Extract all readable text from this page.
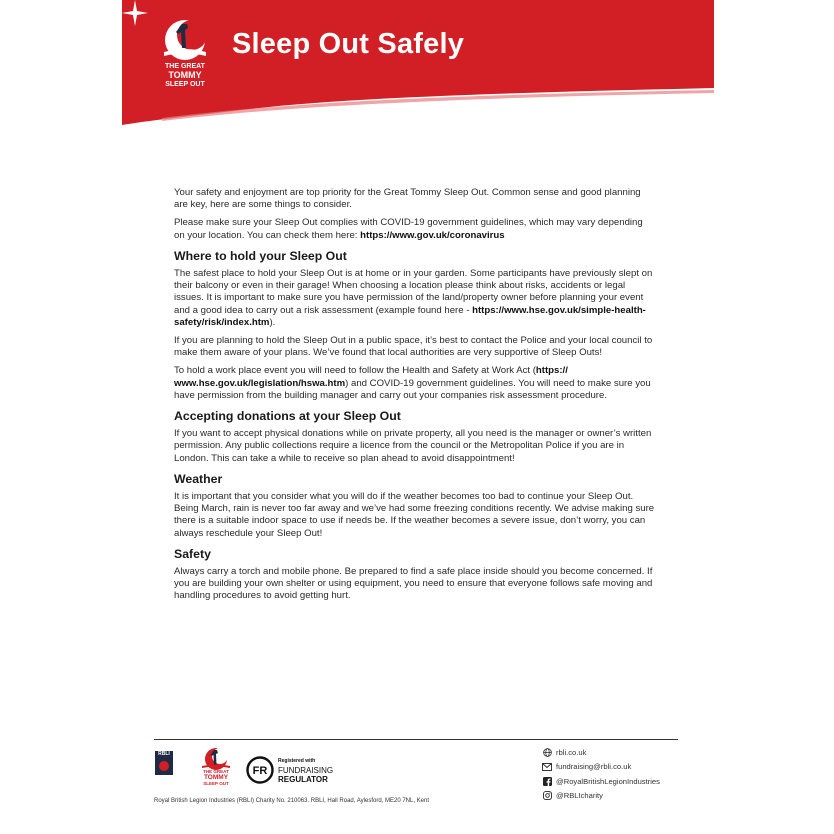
THE GREAT
TOMMY
SLEEP OUT
Sleep Out Safely

Your safety and enjoyment are top priority for the Great Tommy Sleep Out. Common sense and good planning are key, here are some things to consider.

Please make sure your Sleep Out complies with COVID-19 government guidelines, which may vary depending on your location. You can check them here: https://www.gov.uk/coronavirus

Where to hold your Sleep Out

The safest place to hold your Sleep Out is at home or in your garden. Some participants have previously slept on their balcony or even in their garage! When choosing a location please think about risks, accidents or legal issues. It is important to make sure you have permission of the land/property owner before planning your event and a good idea to carry out a risk assessment (example found here - https://www.hse.gov.uk/simple-health-safety/risk/index.htm).

If you are planning to hold the Sleep Out in a public space, it’s best to contact the Police and your local council to make them aware of your plans. We’ve found that local authorities are very supportive of Sleep Outs!

To hold a work place event you will need to follow the Health and Safety at Work Act (https:// www.hse.gov.uk/legislation/hswa.htm) and COVID-19 government guidelines. You will need to make sure you have permission from the building manager and carry out your companies risk assessment procedure.

Accepting donations at your Sleep Out

If you want to accept physical donations while on private property, all you need is the manager or owner’s written permission. Any public collections require a licence from the council or the Metropolitan Police if you are in London. This can take a while to receive so plan ahead to avoid disappointment!

Weather

It is important that you consider what you will do if the weather becomes too bad to continue your Sleep Out. Being March, rain is never too far away and we’ve had some freezing conditions recently. We advise making sure there is a suitable indoor space to use if needs be. If the weather becomes a severe issue, don’t worry, you can always reschedule your Sleep Out!

Safety

Always carry a torch and mobile phone. Be prepared to find a safe place inside should you become concerned. If you are building your own shelter or using equipment, you need to ensure that everyone follows safe moving and handling procedures to avoid getting hurt.

RBLI
THE GREAT
TOMMY
SLEEP OUT
FR
Registered with
FUNDRAISING
REGULATOR
Royal British Legion Industries (RBLI) Charity No. 210063. RBLI, Hall Road, Aylesford, ME20 7NL, Kent
rbli.co.uk
fundraising@rbli.co.uk
@RoyalBritishLegionIndustries
@RBLIcharity
